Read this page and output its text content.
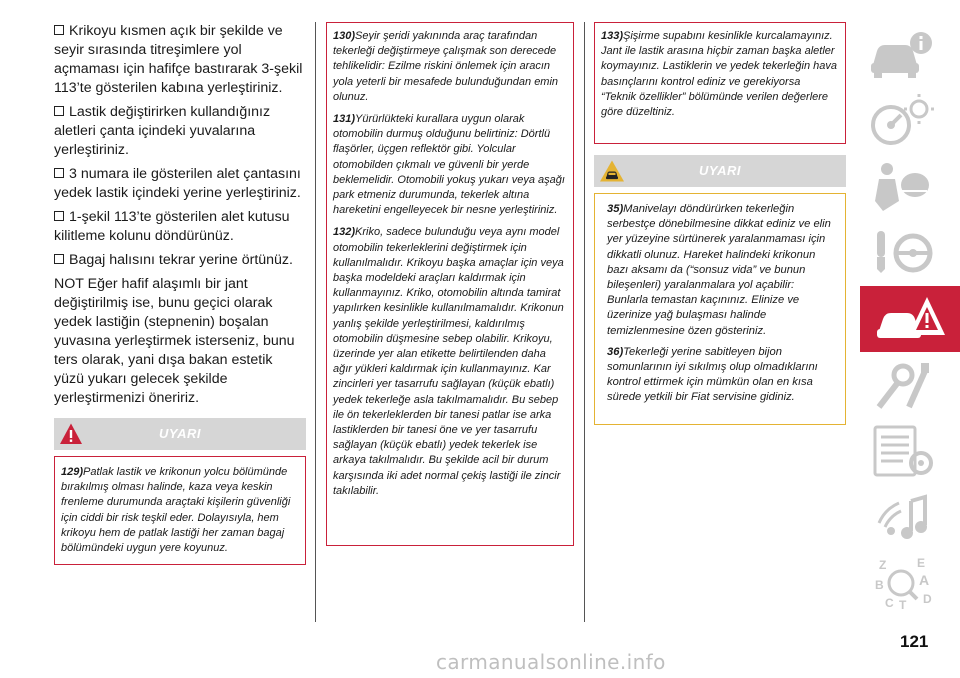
Krikoyu kısmen açık bir şekilde ve seyir sırasında titreşimlere yol açmaması için hafifçe bastırarak 3-şekil 113’te gösterilen kabına yerleştiriniz.

Lastik değiştirirken kullandığınız aletleri çanta içindeki yuvalarına yerleştiriniz.

3 numara ile gösterilen alet çantasını yedek lastik içindeki yerine yerleştiriniz.

1-şekil 113’te gösterilen alet kutusu kilitleme kolunu döndürünüz.

Bagaj halısını tekrar yerine örtünüz.

NOT Eğer hafif alaşımlı bir jant değiştirilmiş ise, bunu geçici olarak yedek lastiğin (stepnenin) boşalan yuvasına yerleştirmek isterseniz, bunu ters olarak, yani dışa bakan estetik yüzü yukarı gelecek şekilde yerleştirmenizi öneririz.

UYARI

129)Patlak lastik ve krikonun yolcu bölümünde bırakılmış olması halinde, kaza veya keskin frenleme durumunda araçtaki kişilerin güvenliği için ciddi bir risk teşkil eder. Dolayısıyla, hem krikoyu hem de patlak lastiği her zaman bagaj bölümündeki uygun yere koyunuz.

130)Seyir şeridi yakınında araç tarafından tekerleği değiştirmeye çalışmak son derecede tehlikelidir: Ezilme riskini önlemek için aracın yola yeterli bir mesafede bulunduğundan emin olunuz.

131)Yürürlükteki kurallara uygun olarak otomobilin durmuş olduğunu belirtiniz: Dörtlü flaşörler, üçgen reflektör gibi. Yolcular otomobilden çıkmalı ve güvenli bir yerde beklemelidir. Otomobili yokuş yukarı veya aşağı park etmeniz durumunda, tekerlek altına hareketini engelleyecek bir nesne yerleştiriniz.

132)Kriko, sadece bulunduğu veya aynı model otomobilin tekerleklerini değiştirmek için kullanılmalıdır. Krikoyu başka amaçlar için veya başka modeldeki araçları kaldırmak için kullanmayınız. Kriko, otomobilin altında tamirat yapılırken kesinlikle kullanılmamalıdır. Krikonun yanlış şekilde yerleştirilmesi, kaldırılmış otomobilin düşmesine sebep olabilir. Krikoyu, üzerinde yer alan etikette belirtilenden daha ağır yükleri kaldırmak için kullanmayınız. Kar zincirleri yer tasarrufu sağlayan (küçük ebatlı) yedek tekerleğe asla takılmamalıdır. Bu sebep ile ön tekerleklerden bir tanesi patlar ise arka lastiklerden bir tanesi öne ve yer tasarrufu sağlayan (küçük ebatlı) yedek tekerlek ise arkaya takılmalıdır. Bu şekilde acil bir durum karşısında iki adet normal çekiş lastiği ile zincir takılabilir.

133)Şişirme supabını kesinlikle kurcalamayınız. Jant ile lastik arasına hiçbir zaman başka aletler koymayınız. Lastiklerin ve yedek tekerleğin hava basınçlarını kontrol ediniz ve gerekiyorsa “Teknik özellikler” bölümünde verilen değerlere göre düzeltiniz.

UYARI

35)Manivelayı döndürürken tekerleğin serbestçe dönebilmesine dikkat ediniz ve elin yer yüzeyine sürtünerek yaralanmaması için dikkatli olunuz. Hareket halindeki krikonun bazı aksamı da (“sonsuz vida” ve bunun bileşenleri) yaralanmalara yol açabilir: Bunlarla temastan kaçınınız. Elinize ve üzerinize yağ bulaşması halinde temizlenmesine özen gösteriniz.

36)Tekerleği yerine sabitleyen bijon somunlarının iyi sıkılmış olup olmadıklarını kontrol ettirmek için mümkün olan en kısa sürede yetkili bir Fiat servisine gidiniz.

Z	E
B	A
C T D
121
carmanualsonline.info
